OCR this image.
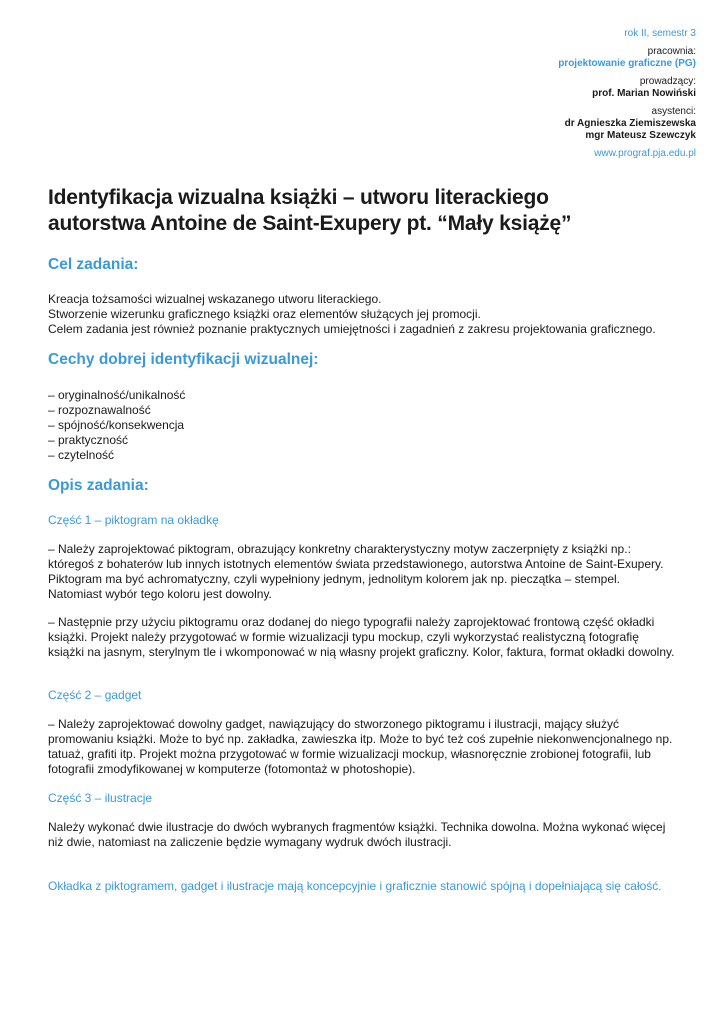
rok II, semestr 3
pracownia:
projektowanie graficzne (PG)
prowadzący:
prof. Marian Nowiński
asystenci:
dr Agnieszka Ziemiszewska
mgr Mateusz Szewczyk
www.prograf.pja.edu.pl
Identyfikacja wizualna książki – utworu literackiego
autorstwa Antoine de Saint-Exupery pt. “Mały książę”
Cel zadania:
Kreacja tożsamości wizualnej wskazanego utworu literackiego.
Stworzenie wizerunku graficznego książki oraz elementów służących jej promocji.
Celem zadania jest również poznanie praktycznych umiejętności i zagadnień z zakresu projektowania graficznego.
Cechy dobrej identyfikacji wizualnej:
– oryginalność/unikalność
– rozpoznawalność
– spójność/konsekwencja
– praktyczność
– czytelność
Opis zadania:
Część 1 – piktogram na okładkę
– Należy zaprojektować piktogram, obrazujący konkretny charakterystyczny motyw zaczerpnięty z książki np.:
któregoś z bohaterów lub innych istotnych elementów świata przedstawionego, autorstwa Antoine de Saint-Exupery.
Piktogram ma być achromatyczny, czyli wypełniony jednym, jednolitym kolorem jak np. pieczątka – stempel.
Natomiast wybór tego koloru jest dowolny.
– Następnie przy użyciu piktogramu oraz dodanej do niego typografii należy zaprojektować frontową część okładki
książki. Projekt należy przygotować w formie wizualizacji typu mockup, czyli wykorzystać realistyczną fotografię
książki na jasnym, sterylnym tle i wkomponować w nią własny projekt graficzny. Kolor, faktura, format okładki dowolny.
Część 2 – gadget
– Należy zaprojektować dowolny gadget, nawiązujący do stworzonego piktogramu i ilustracji, mający służyć
promowaniu książki. Może to być np. zakładka, zawieszka itp. Może to być też coś zupełnie niekonwencjonalnego np.
tatuaż, grafiti itp. Projekt można przygotować w formie wizualizacji mockup, własnoręcznie zrobionej fotografii, lub
fotografii zmodyfikowanej w komputerze (fotomontaż w photoshopie).
Część 3 – ilustracje
Należy wykonać dwie ilustracje do dwóch wybranych fragmentów książki. Technika dowolna. Można wykonać więcej
niż dwie, natomiast na zaliczenie będzie wymagany wydruk dwóch ilustracji.
Okładka z piktogramem, gadget i ilustracje mają koncepcyjnie i graficznie stanowić spójną i dopełniającą się całość.
